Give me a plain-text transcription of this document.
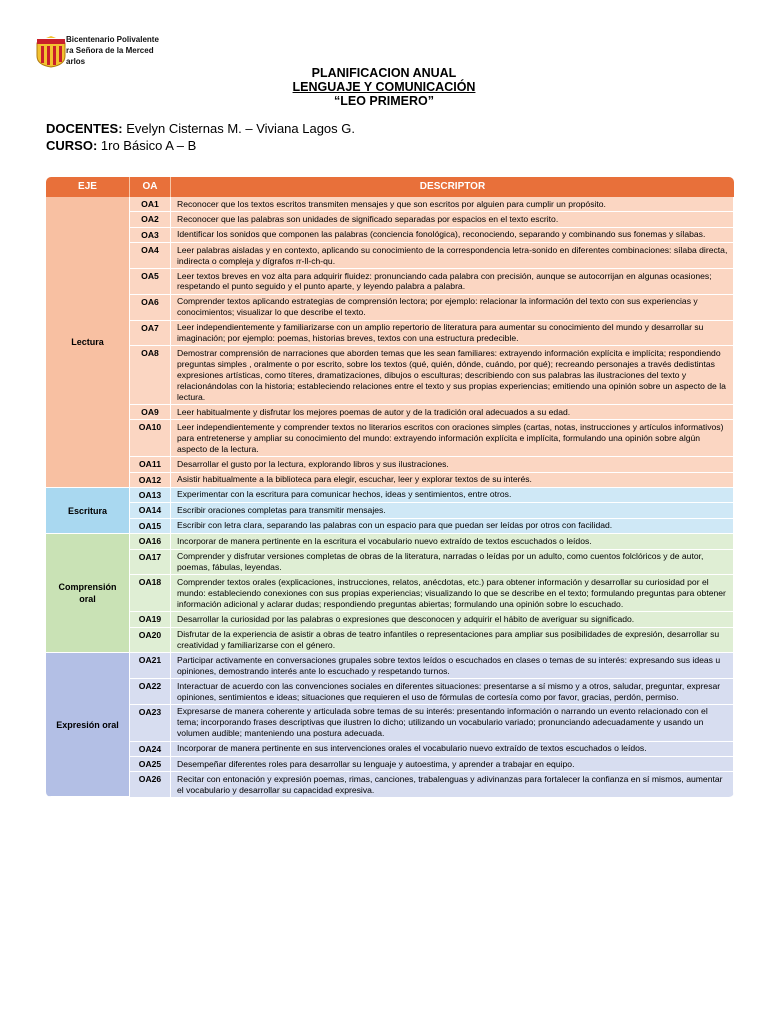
Bicentenario Polivalente
ra Señora de la Merced
arlos
PLANIFICACION ANUAL
LENGUAJE Y COMUNICACIÓN
“LEO PRIMERO”
DOCENTES: Evelyn Cisternas M. – Viviana Lagos G.
CURSO: 1ro Básico A – B
EJE	OA	DESCRIPTOR
Lectura	OA1	Reconocer que los textos escritos transmiten mensajes y que son escritos por alguien para cumplir un propósito.
	OA2	Reconocer que las palabras son unidades de significado separadas por espacios en el texto escrito.
	OA3	Identificar los sonidos que componen las palabras (conciencia fonológica), reconociendo, separando y combinando sus fonemas y sílabas.
	OA4	Leer palabras aisladas y en contexto, aplicando su conocimiento de la correspondencia letra-sonido en diferentes combinaciones: sílaba directa, indirecta o compleja y dígrafos rr-ll-ch-qu.
	OA5	Leer textos breves en voz alta para adquirir fluidez: pronunciando cada palabra con precisión, aunque se autocorrijan en algunas ocasiones; respetando el punto seguido y el punto aparte, y leyendo palabra a palabra.
	OA6	Comprender textos aplicando estrategias de comprensión lectora; por ejemplo: relacionar la información del texto con sus experiencias y conocimientos; visualizar lo que describe el texto.
	OA7	Leer independientemente y familiarizarse con un amplio repertorio de literatura para aumentar su conocimiento del mundo y desarrollar su imaginación; por ejemplo: poemas, historias breves, textos con una estructura predecible.
	OA8	Demostrar comprensión de narraciones que aborden temas que les sean familiares: extrayendo información explícita e implícita; respondiendo preguntas simples , oralmente o por escrito, sobre los textos (qué, quién, dónde, cuándo, por qué); recreando personajes a través dedistintas expresiones artísticas, como títeres, dramatizaciones, dibujos o esculturas; describiendo con sus palabras las ilustraciones del texto y relacionándolas con la historia; estableciendo relaciones entre el texto y sus propias experiencias; emitiendo una opinión sobre un aspecto de la lectura.
	OA9	Leer habitualmente y disfrutar los mejores poemas de autor y de la tradición oral adecuados a su edad.
	OA10	Leer independientemente y comprender textos no literarios escritos con oraciones simples (cartas, notas, instrucciones y artículos informativos) para entretenerse y ampliar su conocimiento del mundo: extrayendo información explícita e implícita, formulando una opinión sobre algún aspecto de la lectura.
	OA11	Desarrollar el gusto por la lectura, explorando libros y sus ilustraciones.
	OA12	Asistir habitualmente a la biblioteca para elegir, escuchar, leer y explorar textos de su interés.
Escritura	OA13	Experimentar con la escritura para comunicar hechos, ideas y sentimientos, entre otros.
	OA14	Escribir oraciones completas para transmitir mensajes.
	OA15	Escribir con letra clara, separando las palabras con un espacio para que puedan ser leídas por otros con facilidad.
Comprensión oral	OA16	Incorporar de manera pertinente en la escritura el vocabulario nuevo extraído de textos escuchados o leídos.
	OA17	Comprender y disfrutar versiones completas de obras de la literatura, narradas o leídas por un adulto, como cuentos folclóricos y de autor, poemas, fábulas, leyendas.
	OA18	Comprender textos orales (explicaciones, instrucciones, relatos, anécdotas, etc.) para obtener información y desarrollar su curiosidad por el mundo: estableciendo conexiones con sus propias experiencias; visualizando lo que se describe en el texto; formulando preguntas para obtener información adicional y aclarar dudas; respondiendo preguntas abiertas; formulando una opinión sobre lo escuchado.
	OA19	Desarrollar la curiosidad por las palabras o expresiones que desconocen y adquirir el hábito de averiguar su significado.
	OA20	Disfrutar de la experiencia de asistir a obras de teatro infantiles o representaciones para ampliar sus posibilidades de expresión, desarrollar su creatividad y familiarizarse con el género.
Expresión oral	OA21	Participar activamente en conversaciones grupales sobre textos leídos o escuchados en clases o temas de su interés: expresando sus ideas u opiniones, demostrando interés ante lo escuchado y respetando turnos.
	OA22	Interactuar de acuerdo con las convenciones sociales en diferentes situaciones: presentarse a sí mismo y a otros, saludar, preguntar, expresar opiniones, sentimientos e ideas; situaciones que requieren el uso de fórmulas de cortesía como por favor, gracias, perdón, permiso.
	OA23	Expresarse de manera coherente y articulada sobre temas de su interés: presentando información o narrando un evento relacionado con el tema; incorporando frases descriptivas que ilustren lo dicho; utilizando un vocabulario variado; pronunciando adecuadamente y usando un volumen audible; manteniendo una postura adecuada.
	OA24	Incorporar de manera pertinente en sus intervenciones orales el vocabulario nuevo extraído de textos escuchados o leídos.
	OA25	Desempeñar diferentes roles para desarrollar su lenguaje y autoestima, y aprender a trabajar en equipo.
	OA26	Recitar con entonación y expresión poemas, rimas, canciones, trabalenguas y adivinanzas para fortalecer la confianza en sí mismos, aumentar el vocabulario y desarrollar su capacidad expresiva.
